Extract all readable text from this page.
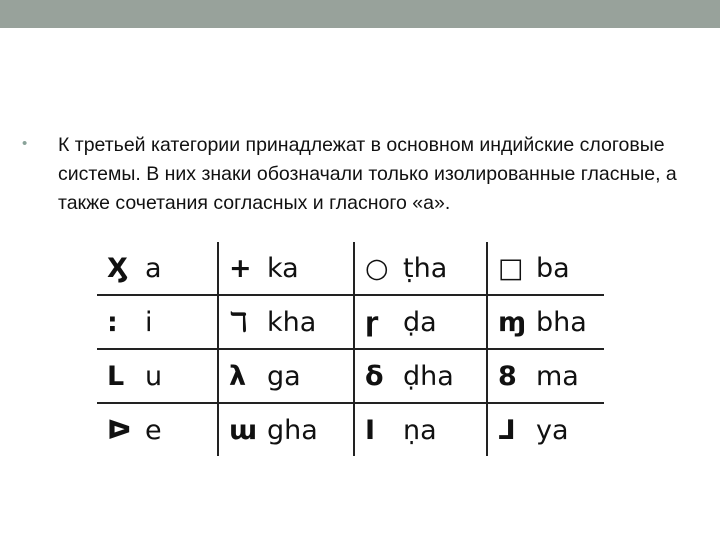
• К третьей категории принадлежат в основном индийские слоговые системы. В них знаки обозначали только изолированные гласные, а также сочетания согласных и гласного «а».
Ӽ a	+ ka	○ ṭha	□ ba
: i	ℸ kha	ɼ ḍa	ɱ bha
L u	λ ga	δ ḍha	8 ma
ᐅ e	ɯ gha	I ṇa	⅃ ya
